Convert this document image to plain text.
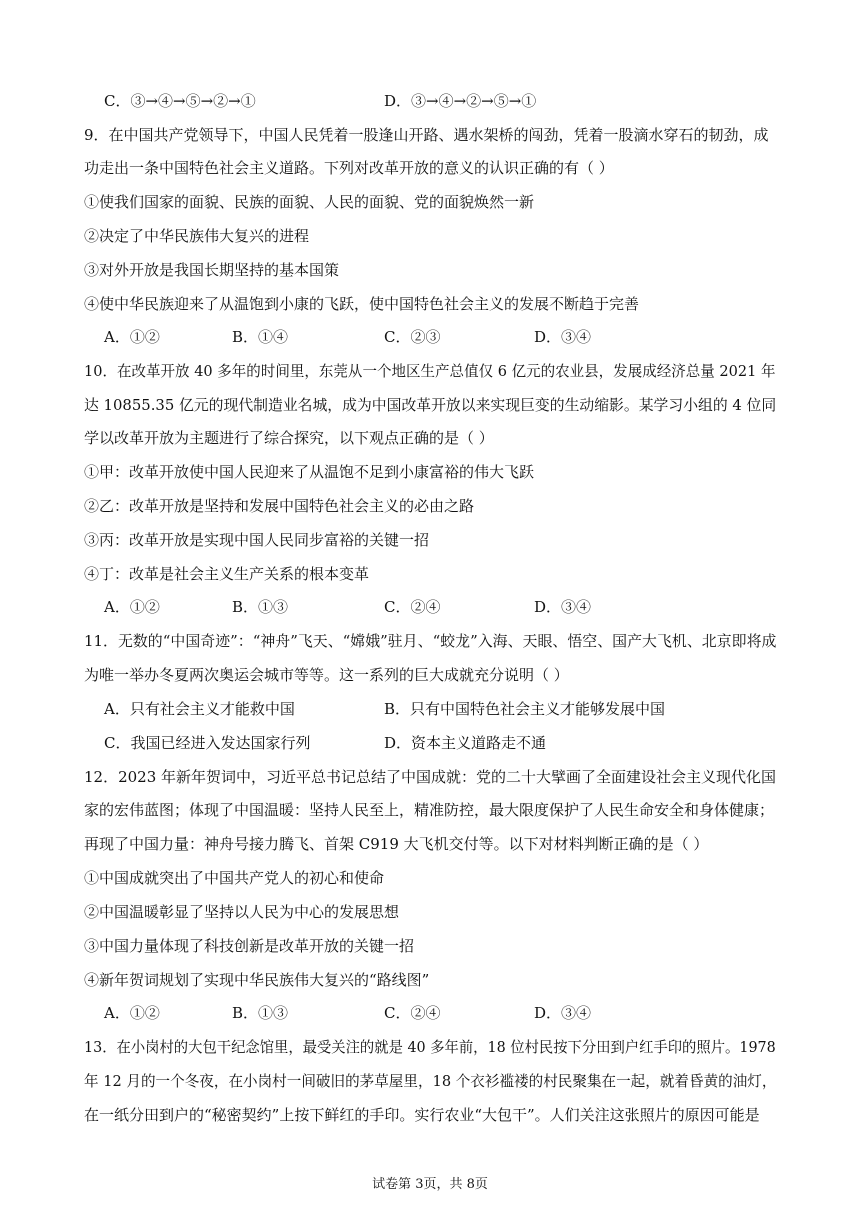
C．③→④→⑤→②→①	D．③→④→②→⑤→①
9．在中国共产党领导下，中国人民凭着一股逢山开路、遇水架桥的闯劲，凭着一股滴水穿石的韧劲，成
功走出一条中国特色社会主义道路。下列对改革开放的意义的认识正确的有（ ）
①使我们国家的面貌、民族的面貌、人民的面貌、党的面貌焕然一新
②决定了中华民族伟大复兴的进程
③对外开放是我国长期坚持的基本国策
④使中华民族迎来了从温饱到小康的飞跃，使中国特色社会主义的发展不断趋于完善
A．①②	B．①④	C．②③	D．③④
10．在改革开放 40 多年的时间里，东莞从一个地区生产总值仅 6 亿元的农业县，发展成经济总量 2021 年
达 10855.35 亿元的现代制造业名城，成为中国改革开放以来实现巨变的生动缩影。某学习小组的 4 位同
学以改革开放为主题进行了综合探究，以下观点正确的是（ ）
①甲：改革开放使中国人民迎来了从温饱不足到小康富裕的伟大飞跃
②乙：改革开放是坚持和发展中国特色社会主义的必由之路
③丙：改革开放是实现中国人民同步富裕的关键一招
④丁：改革是社会主义生产关系的根本变革
A．①②	B．①③	C．②④	D．③④
11．无数的“中国奇迹”：“神舟”飞天、“嫦娥”驻月、“蛟龙”入海、天眼、悟空、国产大飞机、北京即将成
为唯一举办冬夏两次奥运会城市等等。这一系列的巨大成就充分说明（ ）
A．只有社会主义才能救中国	B．只有中国特色社会主义才能够发展中国
C．我国已经进入发达国家行列	D．资本主义道路走不通
12．2023 年新年贺词中，习近平总书记总结了中国成就：党的二十大擘画了全面建设社会主义现代化国
家的宏伟蓝图；体现了中国温暖：坚持人民至上，精准防控，最大限度保护了人民生命安全和身体健康；
再现了中国力量：神舟号接力腾飞、首架 C919 大飞机交付等。以下对材料判断正确的是（ ）
①中国成就突出了中国共产党人的初心和使命
②中国温暖彰显了坚持以人民为中心的发展思想
③中国力量体现了科技创新是改革开放的关键一招
④新年贺词规划了实现中华民族伟大复兴的“路线图”
A．①②	B．①③	C．②④	D．③④
13．在小岗村的大包干纪念馆里，最受关注的就是 40 多年前，18 位村民按下分田到户红手印的照片。1978
年 12 月的一个冬夜，在小岗村一间破旧的茅草屋里，18 个衣衫褴褛的村民聚集在一起，就着昏黄的油灯，
在一纸分田到户的“秘密契约”上按下鲜红的手印。实行农业“大包干”。人们关注这张照片的原因可能是
试卷第 3页，共 8页
